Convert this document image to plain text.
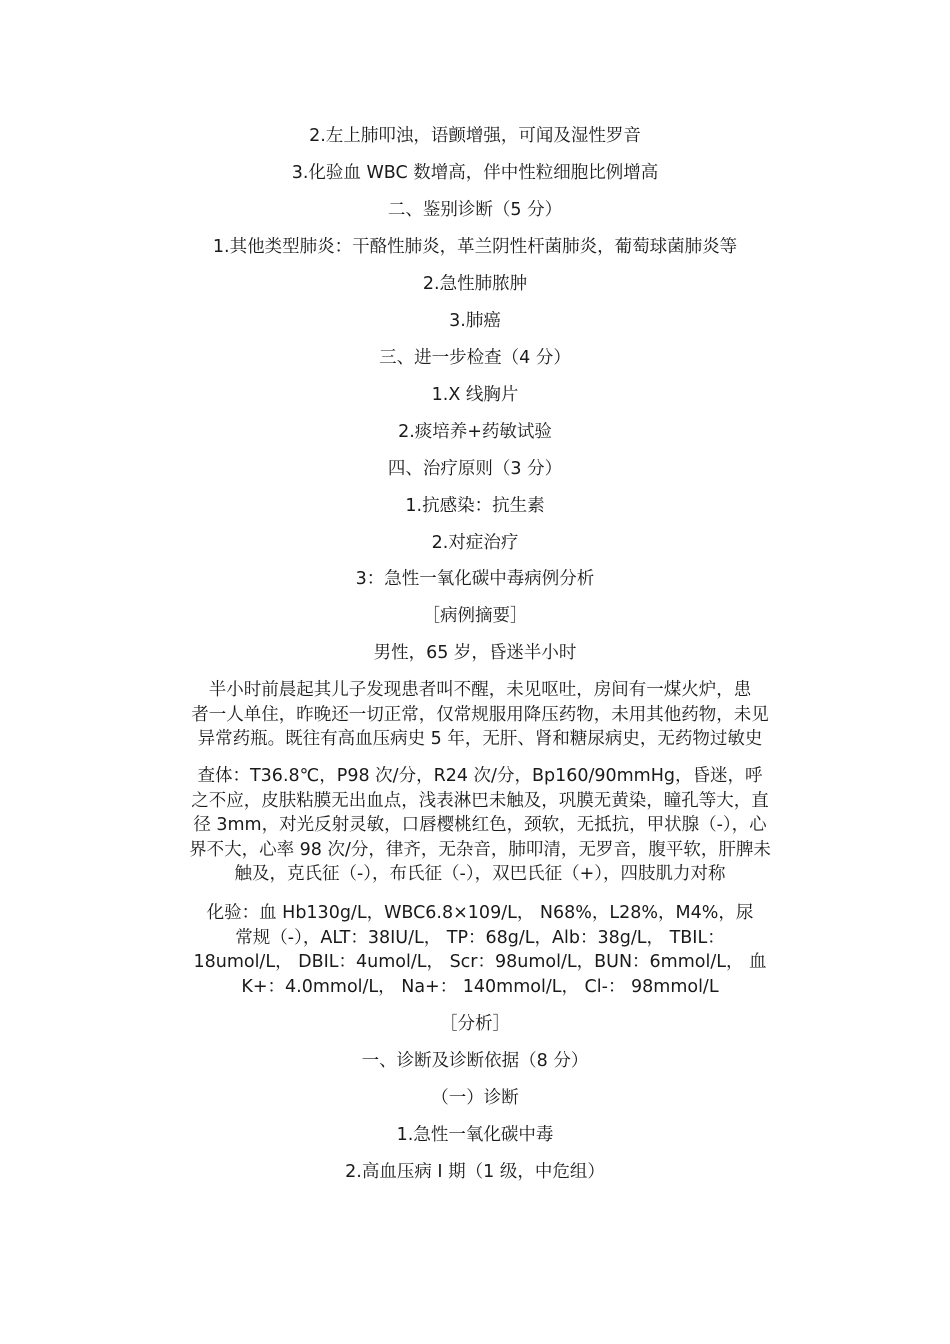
2.左上肺叩浊，语颤增强，可闻及湿性罗音
3.化验血 WBC 数增高，伴中性粒细胞比例增高
二、鉴别诊断（5 分）
1.其他类型肺炎：干酪性肺炎，革兰阴性杆菌肺炎，葡萄球菌肺炎等
2.急性肺脓肿
3.肺癌
三、进一步检查（4 分）
1.X 线胸片
2.痰培养+药敏试验
四、治疗原则（3 分）
1.抗感染：抗生素
2.对症治疗
3：急性一氧化碳中毒病例分析
［病例摘要］
男性，65 岁，昏迷半小时
半小时前晨起其儿子发现患者叫不醒，未见呕吐，房间有一煤火炉，患
者一人单住，昨晚还一切正常，仅常规服用降压药物，未用其他药物，未见
异常药瓶。既往有高血压病史 5 年，无肝、肾和糖尿病史，无药物过敏史
查体：T36.8℃，P98 次/分，R24 次/分，Bp160/90mmHg，昏迷，呼
之不应，皮肤粘膜无出血点，浅表淋巴未触及，巩膜无黄染，瞳孔等大，直
径 3mm，对光反射灵敏，口唇樱桃红色，颈软，无抵抗，甲状腺（-），心
界不大，心率 98 次/分，律齐，无杂音，肺叩清，无罗音，腹平软，肝脾未
触及，克氏征（-），布氏征（-），双巴氏征（+），四肢肌力对称
化验：血 Hb130g/L，WBC6.8×109/L， N68%，L28%，M4%，尿
常规（-），ALT：38IU/L， TP：68g/L，Alb：38g/L， TBIL：
18umol/L， DBIL：4umol/L， Scr：98umol/L，BUN：6mmol/L， 血
K+：4.0mmol/L， Na+： 140mmol/L， Cl-： 98mmol/L
［分析］
一、诊断及诊断依据（8 分）
（一）诊断
1.急性一氧化碳中毒
2.高血压病 I 期（1 级，中危组）
